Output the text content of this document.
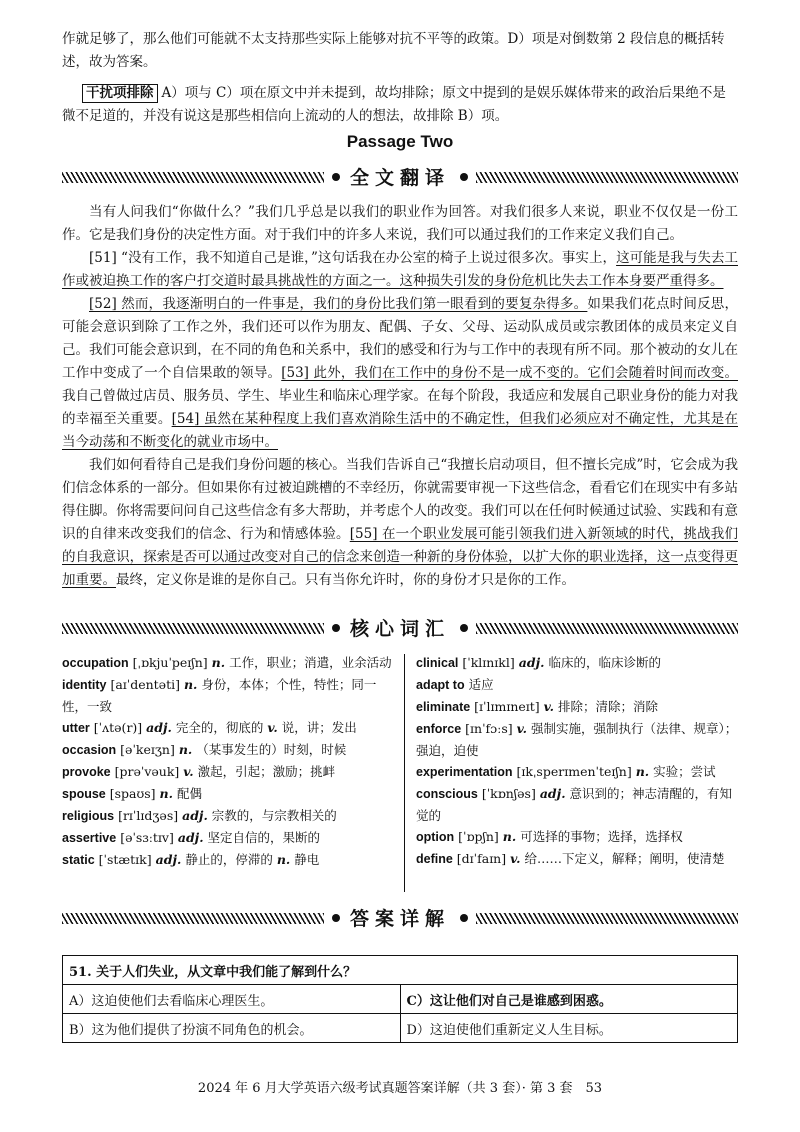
作就足够了，那么他们可能就不太支持那些实际上能够对抗不平等的政策。D）项是对倒数第 2 段信息的概括转

述，故为答案。

干扰项排除 A）项与 C）项在原文中并未提到，故均排除；原文中提到的是娱乐媒体带来的政治后果绝不是

微不足道的，并没有说这是那些相信向上流动的人的想法，故排除 B）项。

Passage Two
全文翻译

当有人问我们“你做什么？”我们几乎总是以我们的职业作为回答。对我们很多人来说，职业不仅仅是一份工作。它是我们身份的决定性方面。对于我们中的许多人来说，我们可以通过我们的工作来定义我们自己。

[51] “没有工作，我不知道自己是谁，”这句话我在办公室的椅子上说过很多次。事实上，这可能是我与失去工作或被迫换工作的客户打交道时最具挑战性的方面之一。这种损失引发的身份危机比失去工作本身要严重得多。

[52] 然而，我逐渐明白的一件事是，我们的身份比我们第一眼看到的要复杂得多。如果我们花点时间反思，可能会意识到除了工作之外，我们还可以作为朋友、配偶、子女、父母、运动队成员或宗教团体的成员来定义自己。我们可能会意识到，在不同的角色和关系中，我们的感受和行为与工作中的表现有所不同。那个被动的女儿在工作中变成了一个自信果敢的领导。[53] 此外，我们在工作中的身份不是一成不变的。它们会随着时间而改变。我自己曾做过店员、服务员、学生、毕业生和临床心理学家。在每个阶段，我适应和发展自己职业身份的能力对我的幸福至关重要。[54] 虽然在某种程度上我们喜欢消除生活中的不确定性，但我们必须应对不确定性，尤其是在当今动荡和不断变化的就业市场中。

我们如何看待自己是我们身份问题的核心。当我们告诉自己“我擅长启动项目，但不擅长完成”时，它会成为我们信念体系的一部分。但如果你有过被迫跳槽的不幸经历，你就需要审视一下这些信念，看看它们在现实中有多站得住脚。你将需要问问自己这些信念有多大帮助，并考虑个人的改变。我们可以在任何时候通过试验、实践和有意识的自律来改变我们的信念、行为和情感体验。[55] 在一个职业发展可能引领我们进入新领域的时代，挑战我们的自我意识，探索是否可以通过改变对自己的信念来创造一种新的身份体验，以扩大你的职业选择，这一点变得更加重要。最终，定义你是谁的是你自己。只有当你允许时，你的身份才只是你的工作。

核心词汇
occupation [ˌɒkjuˈpeɪʃn] n. 工作，职业；消遣，业余活动
identity [aɪˈdentəti] n. 身份，本体；个性，特性；同一性，一致
utter [ˈʌtə(r)] adj. 完全的，彻底的 v. 说，讲；发出
occasion [əˈkeɪʒn] n. （某事发生的）时刻，时候
provoke [prəˈvəuk] v. 激起，引起；激励；挑衅
spouse [spaʊs] n. 配偶
religious [rɪˈlɪdʒəs] adj. 宗教的，与宗教相关的
assertive [əˈsɜːtɪv] adj. 坚定自信的，果断的
static [ˈstætɪk] adj. 静止的，停滞的 n. 静电
clinical [ˈklɪnɪkl] adj. 临床的，临床诊断的
adapt to 适应
eliminate [ɪˈlɪmɪneɪt] v. 排除；清除；消除
enforce [ɪnˈfɔːs] v. 强制实施，强制执行（法律、规章）；强迫，迫使
experimentation [ɪkˌsperɪmenˈteɪʃn] n. 实验；尝试
conscious [ˈkɒnʃəs] adj. 意识到的；神志清醒的，有知觉的
option [ˈɒpʃn] n. 可选择的事物；选择，选择权
define [dɪˈfaɪn] v. 给……下定义，解释；阐明，使清楚
答案详解
51. 关于人们失业，从文章中我们能了解到什么？	
A）这迫使他们去看临床心理医生。	C）这让他们对自己是谁感到困惑。
B）这为他们提供了扮演不同角色的机会。	D）这迫使他们重新定义人生目标。
2024 年 6 月大学英语六级考试真题答案详解（共 3 套）· 第 3 套　53
